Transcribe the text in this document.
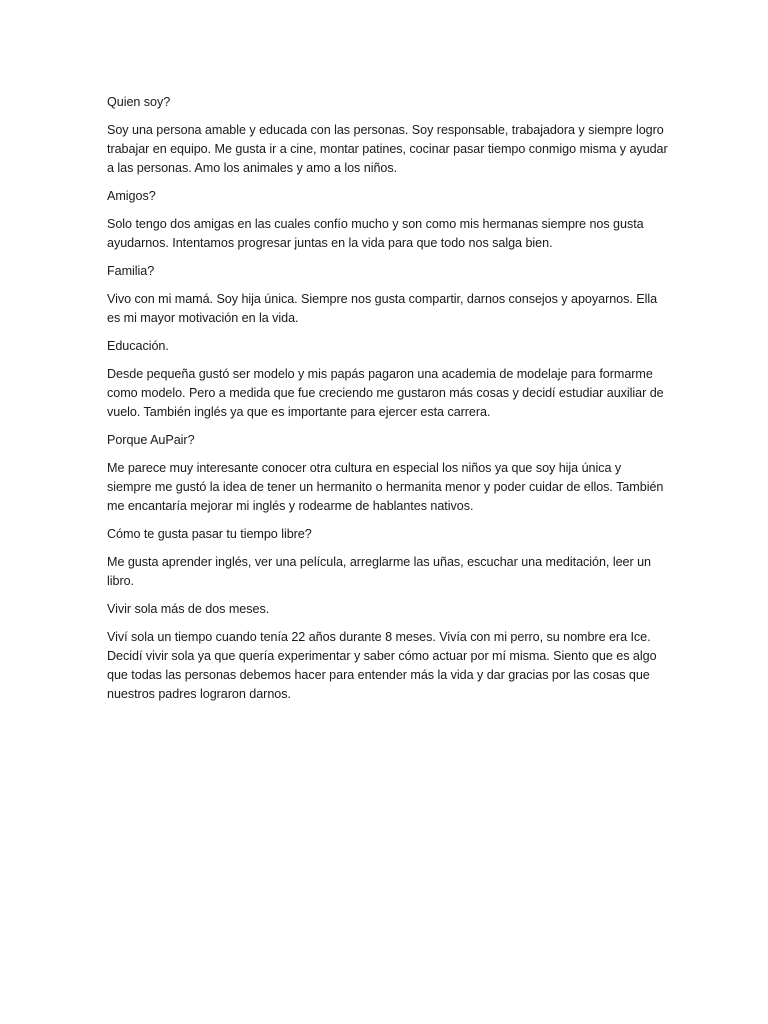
Quien soy?

Soy una persona amable y educada con las personas. Soy responsable, trabajadora y siempre logro trabajar en equipo. Me gusta ir a cine, montar patines, cocinar pasar tiempo conmigo misma y ayudar a las personas. Amo los animales y amo a los niños.

Amigos?

Solo tengo dos amigas en las cuales confío mucho y son como mis hermanas siempre nos gusta ayudarnos. Intentamos progresar juntas en la vida para que todo nos salga bien.

Familia?

Vivo con mi mamá. Soy hija única. Siempre nos gusta compartir, darnos consejos y apoyarnos. Ella es mi mayor motivación en la vida.

Educación.

Desde pequeña gustó ser modelo y mis papás pagaron una academia de modelaje para formarme como modelo. Pero a medida que fue creciendo me gustaron más cosas y decidí estudiar auxiliar de vuelo. También inglés ya que es importante para ejercer esta carrera.

Porque AuPair?

Me parece muy interesante conocer otra cultura en especial los niños ya que soy hija única y siempre me gustó la idea de tener un hermanito o hermanita menor y poder cuidar de ellos. También me encantaría mejorar mi inglés y rodearme de hablantes nativos.

Cómo te gusta pasar tu tiempo libre?

Me gusta aprender inglés, ver una película, arreglarme las uñas, escuchar una meditación, leer un libro.

Vivir sola más de dos meses.

Viví sola un tiempo cuando tenía 22 años durante 8 meses. Vivía con mi perro, su nombre era Ice. Decidí vivir sola ya que quería experimentar y saber cómo actuar por mí misma. Siento que es algo que todas las personas debemos hacer para entender más la vida y dar gracias por las cosas que nuestros padres lograron darnos.
